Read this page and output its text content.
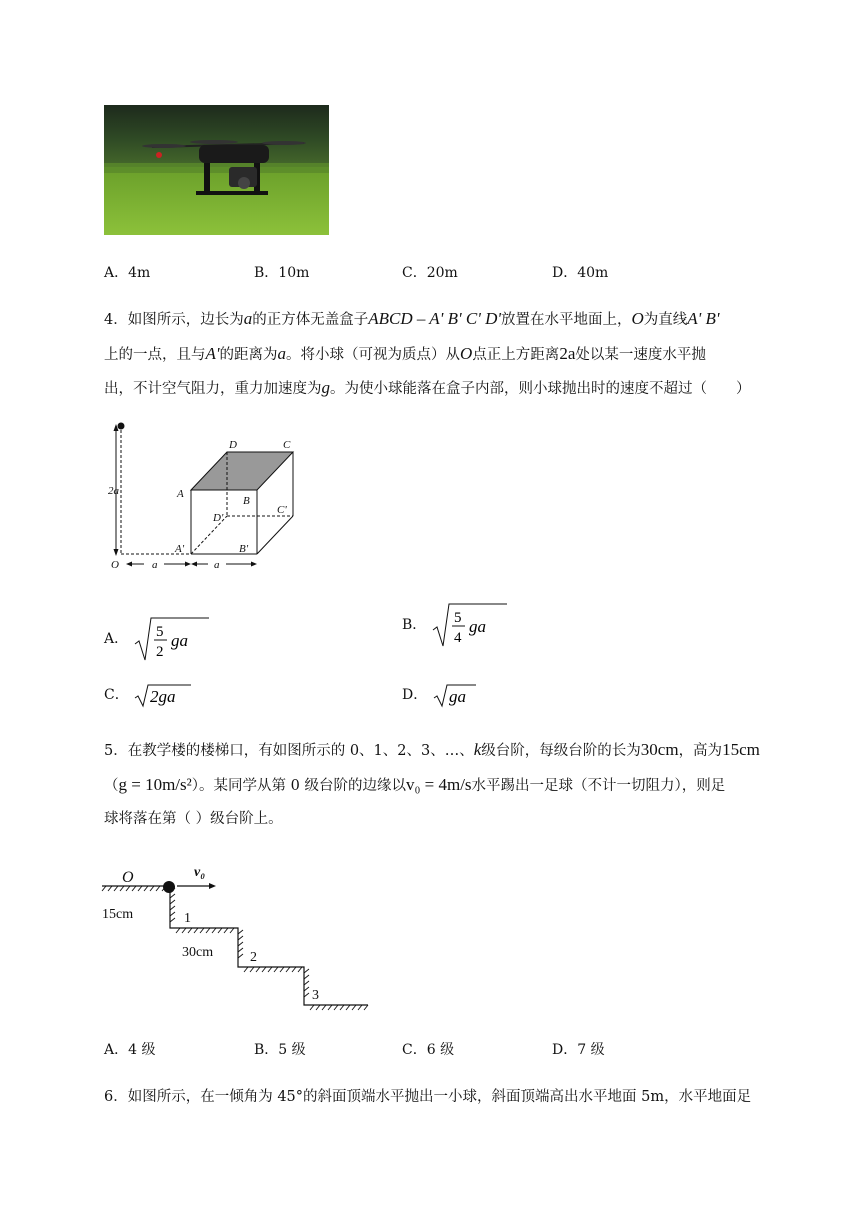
A．4m	B．10m	C．20m	D．40m
4．如图所示，边长为a的正方体无盖盒子ABCD – A' B' C' D'放置在水平地面上，O为直线A' B'
上的一点，且与A'的距离为a。将小球（可视为质点）从O点正上方距离2a处以某一速度水平抛
出，不计空气阻力，重力加速度为g。为使小球能落在盒子内部，则小球抛出时的速度不超过（　　）
2a
D	C
A
B
D'
C'
A'	B'
O	a	a
A． 5
2
ga
B． 5
4
ga
C． 2ga	D． ga
5．在教学楼的楼梯口，有如图所示的 0、1、2、3、…、k级台阶，每级台阶的长为30cm，高为15cm
（g = 10m/s²）。某同学从第 0 级台阶的边缘以v₀ = 4m/s水平踢出一足球（不计一切阻力），则足
球将落在第（ ）级台阶上。
O	v₀
15cm	1
30cm	2
3
A．4 级	B．5 级	C．6 级	D．7 级
6．如图所示，在一倾角为 45°的斜面顶端水平抛出一小球，斜面顶端高出水平地面 5m，水平地面足
